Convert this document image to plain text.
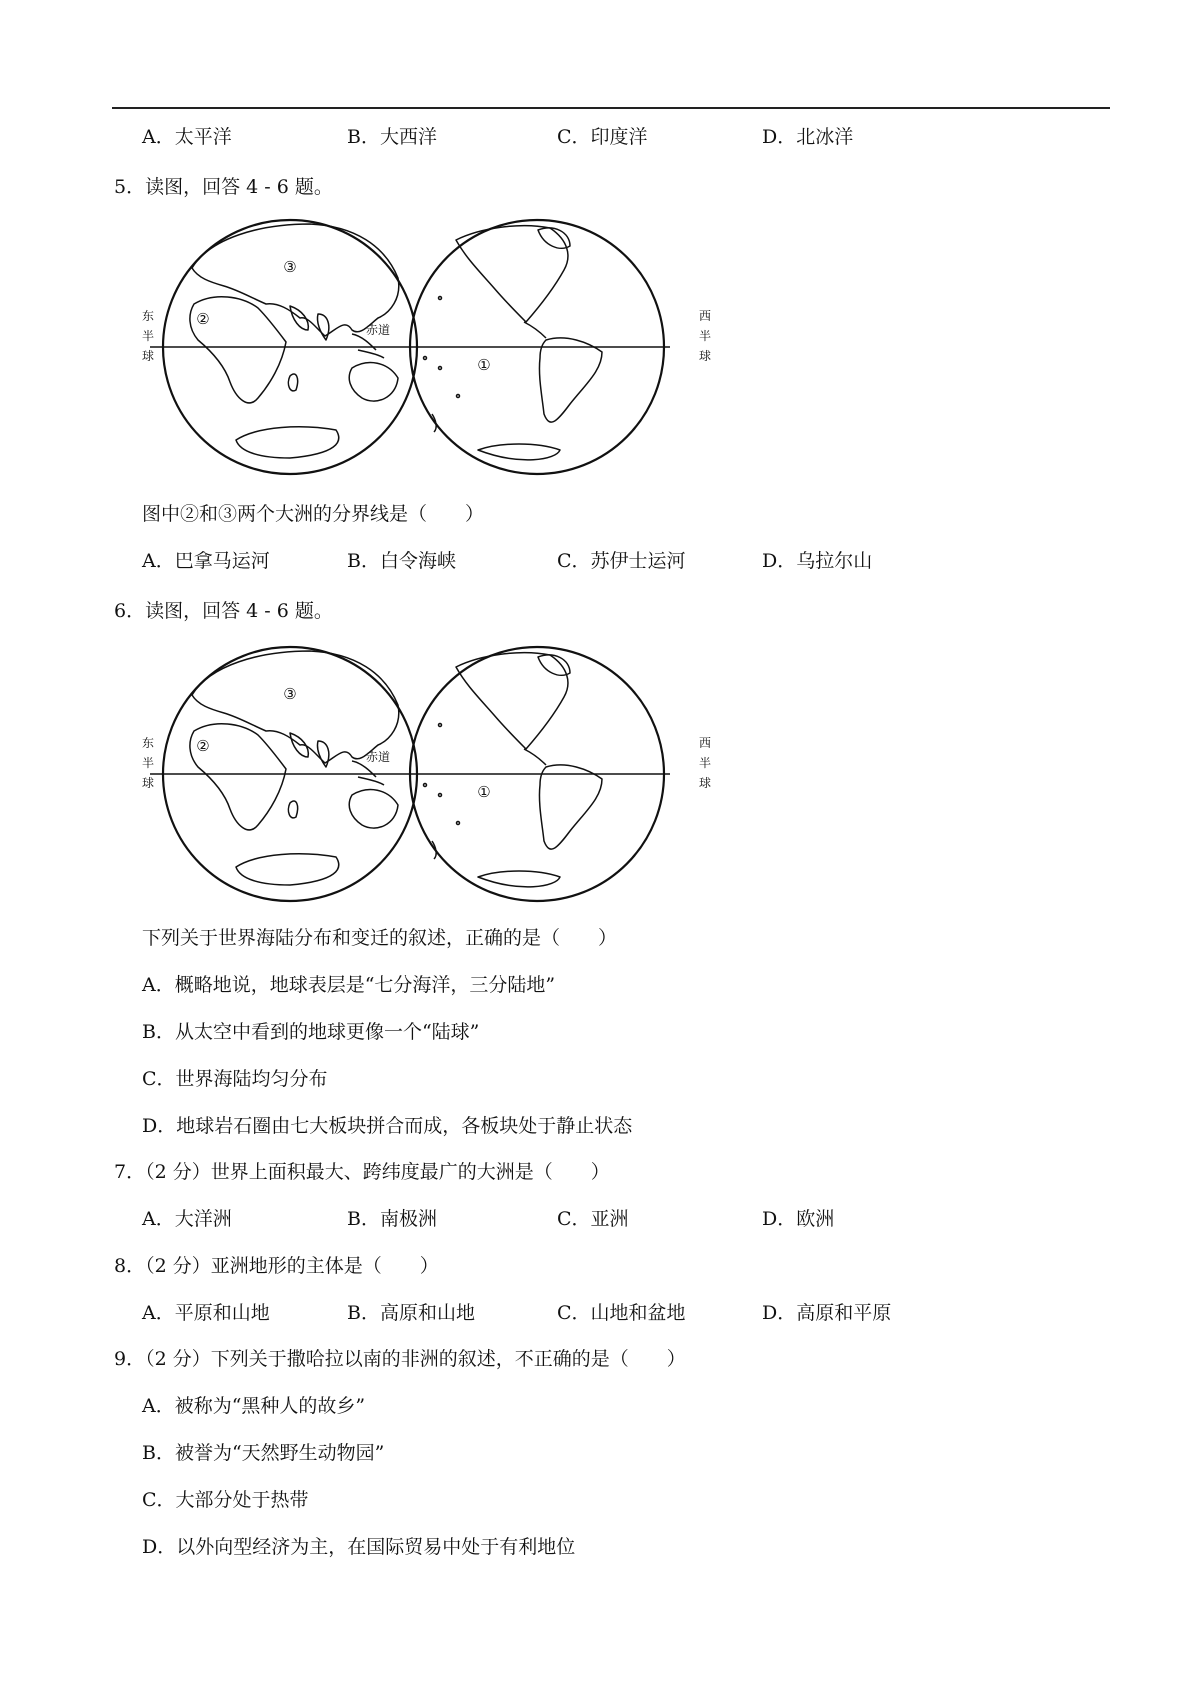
A．太平洋	B．大西洋	C．印度洋	D．北冰洋
5．读图，回答 4 - 6 题。
③
②
①
赤道
东
半
球
西
半
球
图中②和③两个大洲的分界线是（　　）
A．巴拿马运河	B．白令海峡	C．苏伊士运河	D．乌拉尔山
6．读图，回答 4 - 6 题。
③
②
①
赤道
东
半
球
西
半
球
下列关于世界海陆分布和变迁的叙述，正确的是（　　）
A．概略地说，地球表层是“七分海洋，三分陆地”
B．从太空中看到的地球更像一个“陆球”
C．世界海陆均匀分布
D．地球岩石圈由七大板块拼合而成，各板块处于静止状态
7．（2 分）世界上面积最大、跨纬度最广的大洲是（　　）
A．大洋洲	B．南极洲	C．亚洲	D．欧洲
8．（2 分）亚洲地形的主体是（　　）
A．平原和山地	B．高原和山地	C．山地和盆地	D．高原和平原
9．（2 分）下列关于撒哈拉以南的非洲的叙述，不正确的是（　　）
A．被称为“黑种人的故乡”
B．被誉为“天然野生动物园”
C．大部分处于热带
D．以外向型经济为主，在国际贸易中处于有利地位
